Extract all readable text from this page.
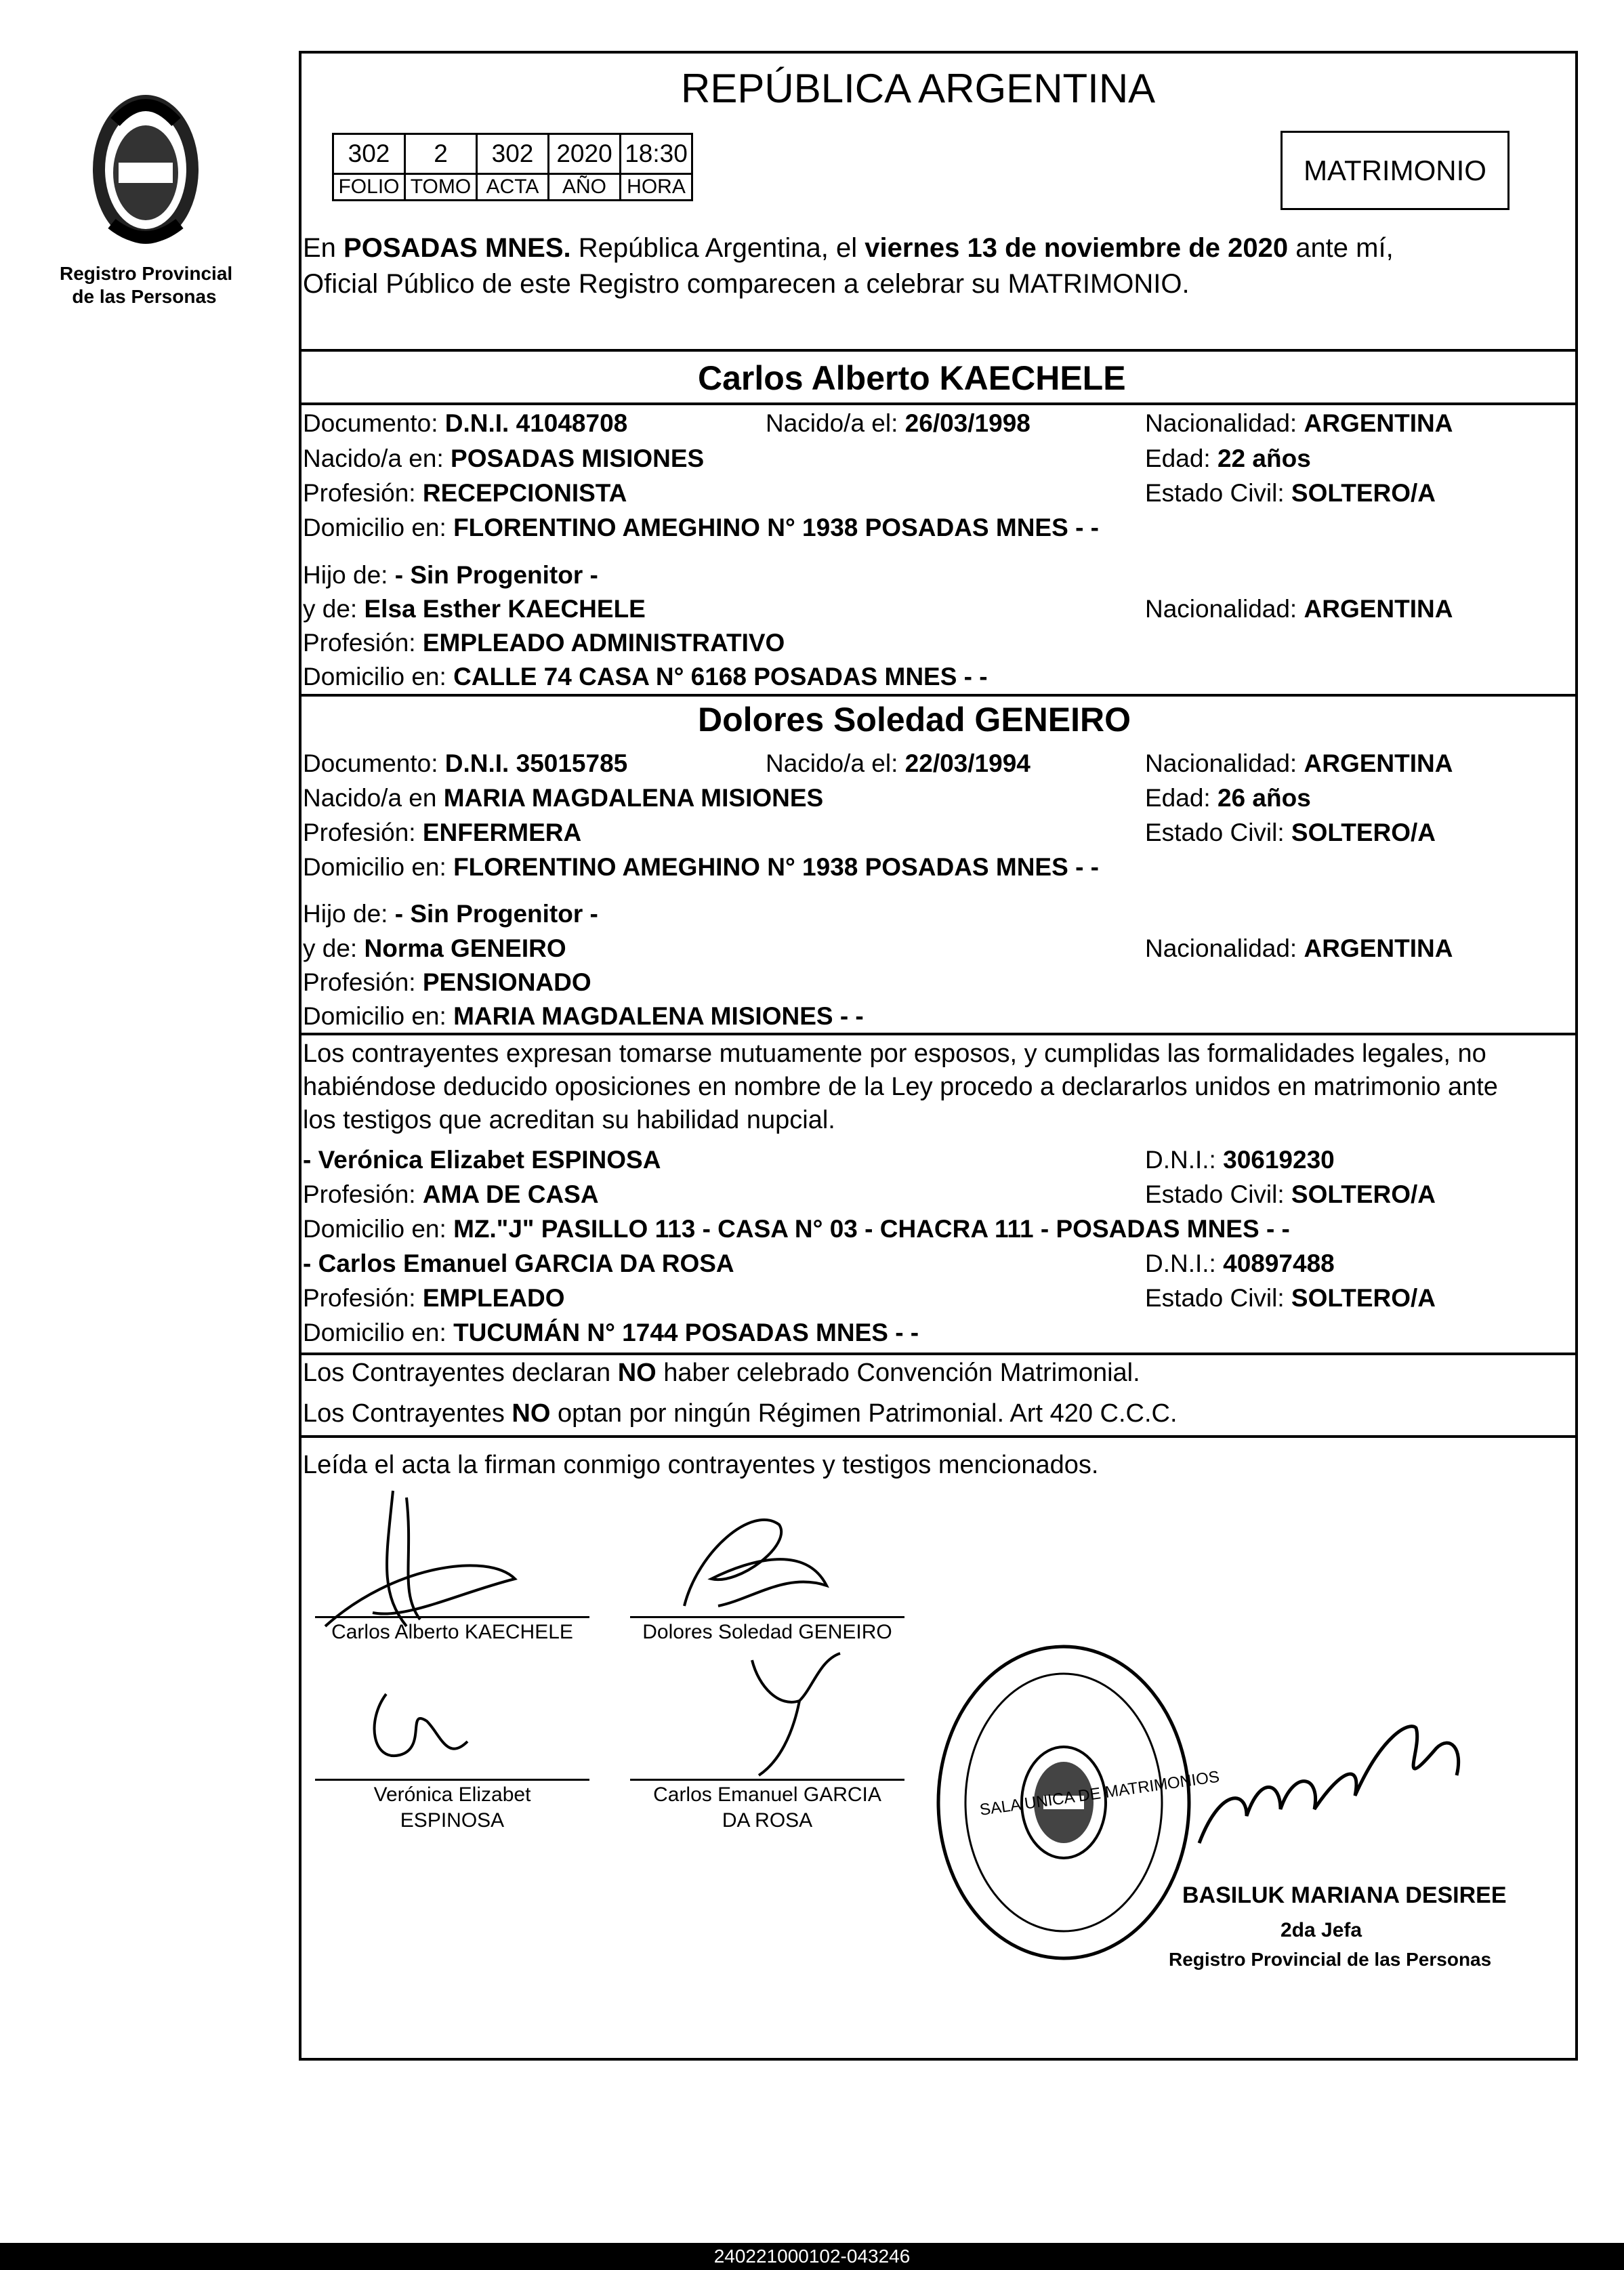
Registro Provincial
de las Personas
REPÚBLICA ARGENTINA
302	2	302	2020	18:30
FOLIO	TOMO	ACTA	AÑO	HORA
MATRIMONIO
En POSADAS MNES. República Argentina, el viernes 13 de noviembre de 2020 ante mí,
Oficial Público de este Registro comparecen a celebrar su MATRIMONIO.
Carlos Alberto KAECHELE
Documento: D.N.I. 41048708	Nacido/a el: 26/03/1998	Nacionalidad: ARGENTINA
Nacido/a en: POSADAS MISIONES	Edad: 22 años
Profesión: RECEPCIONISTA	Estado Civil: SOLTERO/A
Domicilio en: FLORENTINO AMEGHINO N° 1938 POSADAS MNES - -
Hijo de: - Sin Progenitor -
y de: Elsa Esther KAECHELE	Nacionalidad: ARGENTINA
Profesión: EMPLEADO ADMINISTRATIVO
Domicilio en: CALLE 74 CASA N° 6168 POSADAS MNES - -
Dolores Soledad GENEIRO
Documento: D.N.I. 35015785	Nacido/a el: 22/03/1994	Nacionalidad: ARGENTINA
Nacido/a en MARIA MAGDALENA MISIONES	Edad: 26 años
Profesión: ENFERMERA	Estado Civil: SOLTERO/A
Domicilio en: FLORENTINO AMEGHINO N° 1938 POSADAS MNES - -
Hijo de: - Sin Progenitor -
y de: Norma GENEIRO	Nacionalidad: ARGENTINA
Profesión: PENSIONADO
Domicilio en: MARIA MAGDALENA MISIONES - -
Los contrayentes expresan tomarse mutuamente por esposos, y cumplidas las formalidades legales, no
habiéndose deducido oposiciones en nombre de la Ley procedo a declararlos unidos en matrimonio ante
los testigos que acreditan su habilidad nupcial.
- Verónica Elizabet ESPINOSA	D.N.I.: 30619230
Profesión: AMA DE CASA	Estado Civil: SOLTERO/A
Domicilio en: MZ."J" PASILLO 113 - CASA N° 03 - CHACRA 111 - POSADAS MNES - -
- Carlos Emanuel GARCIA DA ROSA	D.N.I.: 40897488
Profesión: EMPLEADO	Estado Civil: SOLTERO/A
Domicilio en: TUCUMÁN N° 1744 POSADAS MNES - -
Los Contrayentes declaran NO haber celebrado Convención Matrimonial.
Los Contrayentes NO optan por ningún Régimen Patrimonial. Art 420 C.C.C.
Leída el acta la firman conmigo contrayentes y testigos mencionados.
Carlos Alberto KAECHELE	Dolores Soledad GENEIRO
Verónica Elizabet
ESPINOSA
Carlos Emanuel GARCIA
DA ROSA
SALA UNICA DE MATRIMONIOS
BASILUK MARIANA DESIREE
2da Jefa
Registro Provincial de las Personas
240221000102-043246
